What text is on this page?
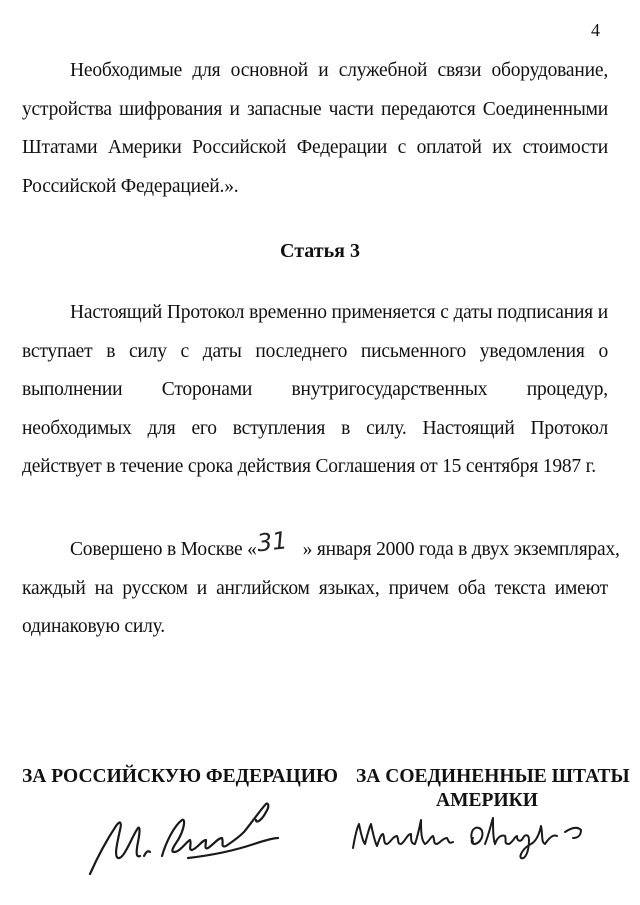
4
Необходимые для основной и служебной связи оборудование,
устройства шифрования и запасные части передаются Соединенными
Штатами Америки Российской Федерации с оплатой их стоимости
Российской Федерацией.».
Статья 3
Настоящий Протокол временно применяется с даты подписания и
вступает в силу с даты последнего письменного уведомления о
выполнении Сторонами внутригосударственных процедур,
необходимых для его вступления в силу. Настоящий Протокол
действует в течение срока действия Соглашения от 15 сентября 1987 г.
Совершено в Москве «31 » января 2000 года в двух экземплярах,
каждый на русском и английском языках, причем оба текста имеют
одинаковую силу.
ЗА РОССИЙСКУЮ ФЕДЕРАЦИЮ ЗА СОЕДИНЕННЫЕ ШТАТЫ
АМЕРИКИ
